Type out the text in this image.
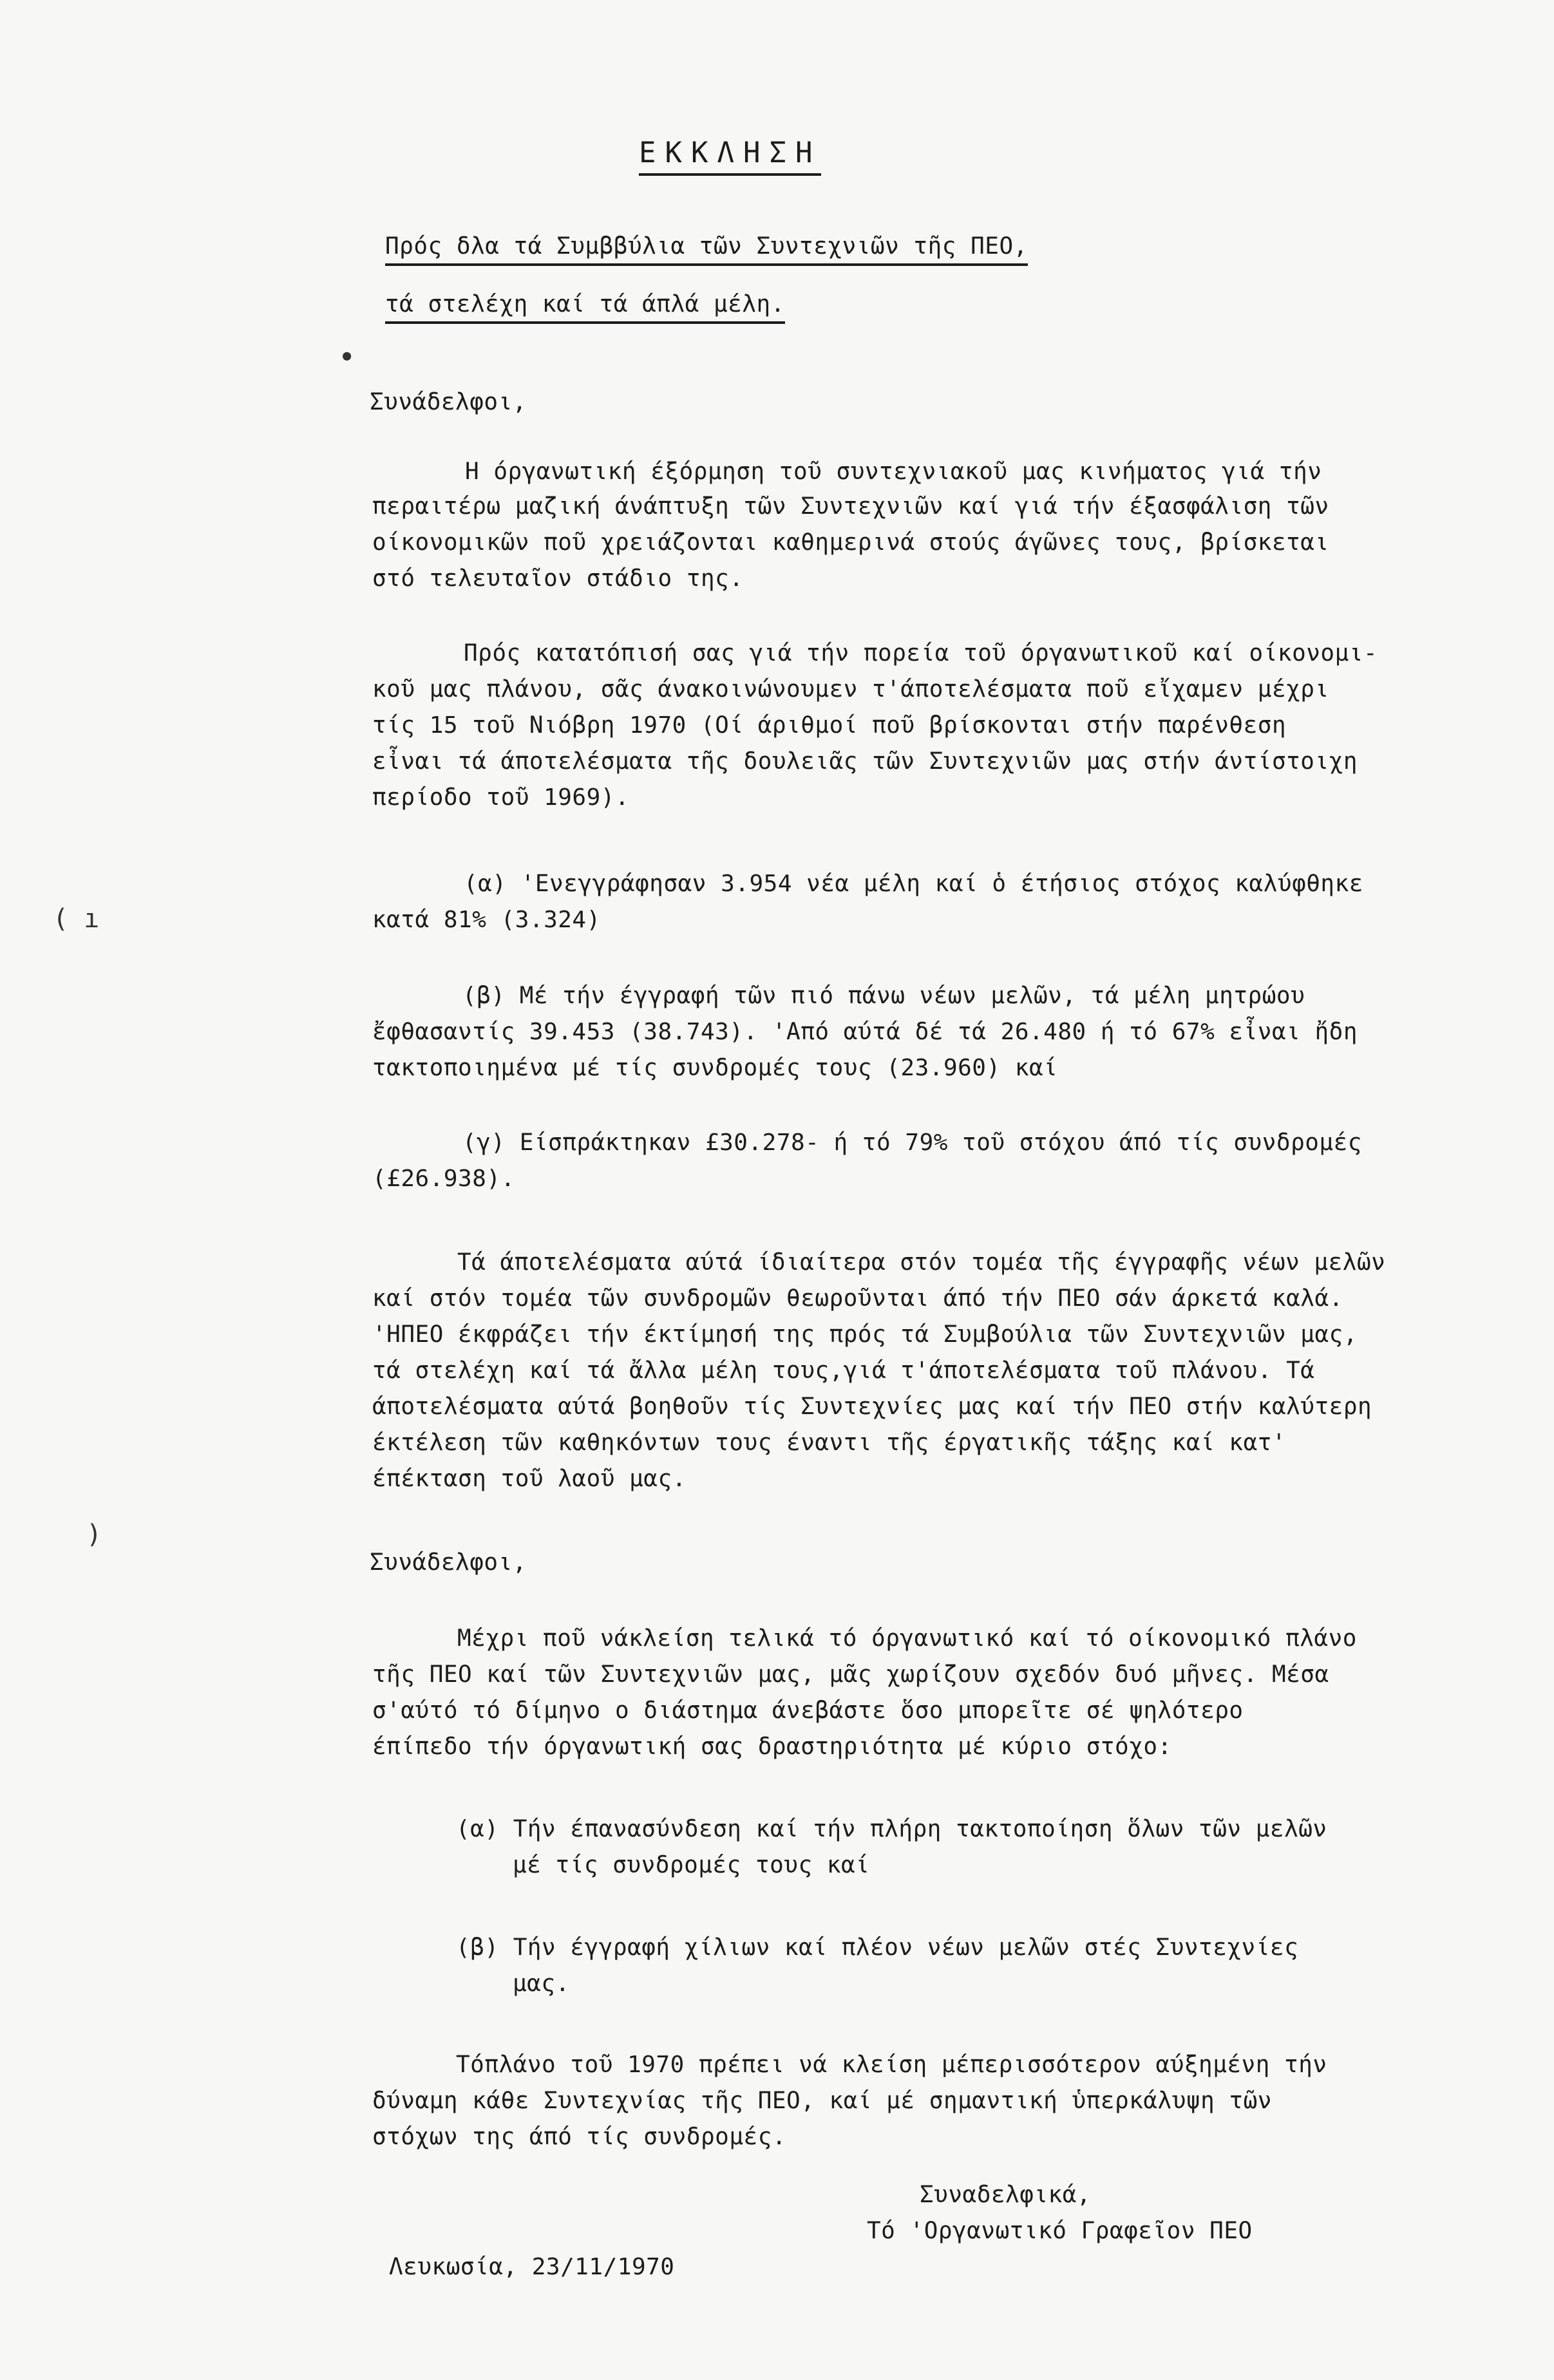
ΕΚΚΛΗΣΗ
Πρός δλα τά Συμββύλια τῶν Συντεχνιῶν τῆς ΠΕΟ,
τά στελέχη καί τά άπλά μέλη.
●
Συνάδελφοι,
Η όργανωτική έξόρμηση τοῦ συντεχνιακοῦ μας κινήματος γιά τήν
περαιτέρω μαζική άνάπτυξη τῶν Συντεχνιῶν καί γιά τήν έξασφάλιση τῶν
οίκονομικῶν ποῦ χρειάζονται καθημερινά στούς άγῶνες τους, βρίσκεται
στό τελευταῖον στάδιο της.
Πρός κατατόπισή σας γιά τήν πορεία τοῦ όργανωτικοῦ καί οίκονομι-
κοῦ μας πλάνου, σᾶς άνακοινώνουμεν τ'άποτελέσματα ποῦ εἴχαμεν μέχρι
τίς 15 τοῦ Νιόβρη 1970 (Οί άριθμοί ποῦ βρίσκονται στήν παρένθεση
εἶναι τά άποτελέσματα τῆς δουλειᾶς τῶν Συντεχνιῶν μας στήν άντίστοιχη
περίοδο τοῦ 1969).
( ı
(α) 'Ενεγγράφησαν 3.954 νέα μέλη καί ὁ έτήσιος στόχος καλύφθηκε
κατά 81% (3.324)
(β) Μέ τήν έγγραφή τῶν πιό πάνω νέων μελῶν, τά μέλη μητρώου
ἔφθασαντίς 39.453 (38.743). 'Από αύτά δέ τά 26.480 ή τό 67% εἶναι ἤδη
τακτοποιημένα μέ τίς συνδρομές τους (23.960) καί
(γ) Είσπράκτηκαν £30.278- ή τό 79% τοῦ στόχου άπό τίς συνδρομές
(£26.938).
Τά άποτελέσματα αύτά ίδιαίτερα στόν τομέα τῆς έγγραφῆς νέων μελῶν
καί στόν τομέα τῶν συνδρομῶν θεωροῦνται άπό τήν ΠΕΟ σάν άρκετά καλά.
'ΗΠΕΟ έκφράζει τήν έκτίμησή της πρός τά Συμβούλια τῶν Συντεχνιῶν μας,
τά στελέχη καί τά ἄλλα μέλη τους,γιά τ'άποτελέσματα τοῦ πλάνου. Τά
άποτελέσματα αύτά βοηθοῦν τίς Συντεχνίες μας καί τήν ΠΕΟ στήν καλύτερη
έκτέλεση τῶν καθηκόντων τους έναντι τῆς έργατικῆς τάξης καί κατ'
έπέκταση τοῦ λαοῦ μας.
)
Συνάδελφοι,
Μέχρι ποῦ νάκλείση τελικά τό όργανωτικό καί τό οίκονομικό πλάνο
τῆς ΠΕΟ καί τῶν Συντεχνιῶν μας, μᾶς χωρίζουν σχεδόν δυό μῆνες. Μέσα
σ'αύτό τό δίμηνο ο διάστημα άνεβάστε ὅσο μπορεῖτε σέ ψηλότερο
έπίπεδο τήν όργανωτική σας δραστηριότητα μέ κύριο στόχο:
(α) Τήν έπανασύνδεση καί τήν πλήρη τακτοποίηση ὅλων τῶν μελῶν
μέ τίς συνδρομές τους καί
(β) Τήν έγγραφή χίλιων καί πλέον νέων μελῶν στές Συντεχνίες
μας.
Τόπλάνο τοῦ 1970 πρέπει νά κλείση μέπερισσότερον αύξημένη τήν
δύναμη κάθε Συντεχνίας τῆς ΠΕΟ, καί μέ σημαντική ὑπερκάλυψη τῶν
στόχων της άπό τίς συνδρομές.
Συναδελφικά,
Τό 'Οργανωτικό Γραφεῖον ΠΕΟ
Λευκωσία, 23/11/1970
